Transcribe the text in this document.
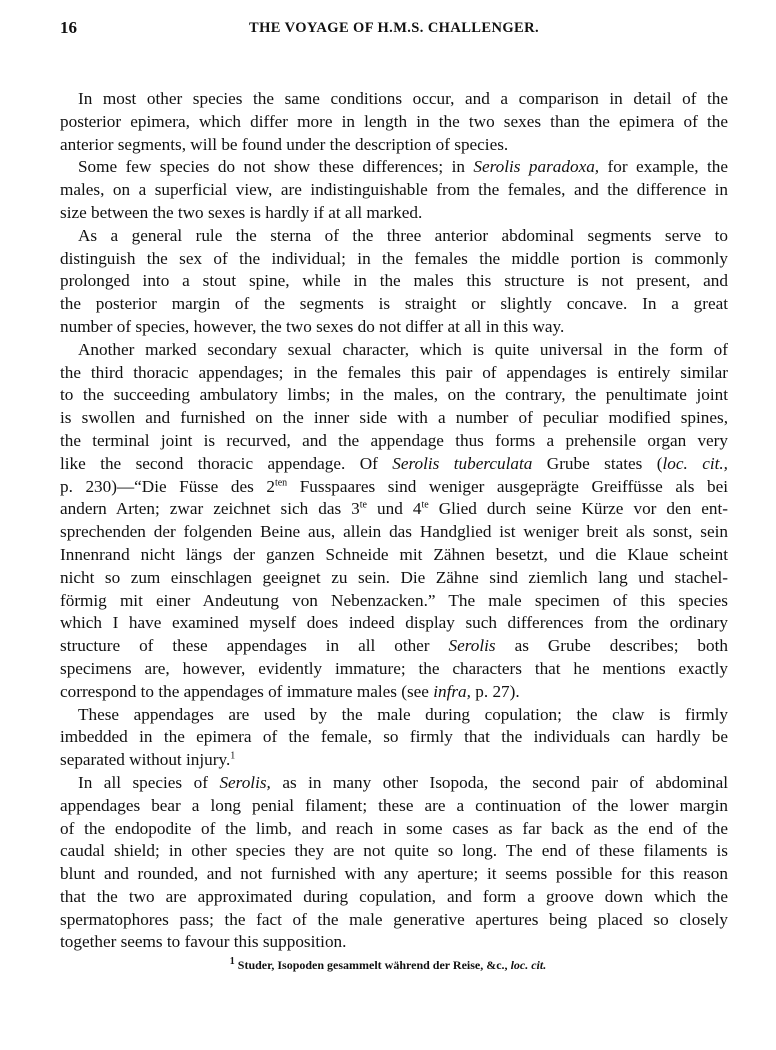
16	THE VOYAGE OF H.M.S. CHALLENGER.
In most other species the same conditions occur, and a comparison in detail of the
posterior epimera, which differ more in length in the two sexes than the epimera of the
anterior segments, will be found under the description of species.
Some few species do not show these differences; in Serolis paradoxa, for example, the
males, on a superficial view, are indistinguishable from the females, and the difference in
size between the two sexes is hardly if at all marked.
As a general rule the sterna of the three anterior abdominal segments serve to
distinguish the sex of the individual; in the females the middle portion is commonly
prolonged into a stout spine, while in the males this structure is not present, and
the posterior margin of the segments is straight or slightly concave. In a great
number of species, however, the two sexes do not differ at all in this way.
Another marked secondary sexual character, which is quite universal in the form of
the third thoracic appendages; in the females this pair of appendages is entirely similar
to the succeeding ambulatory limbs; in the males, on the contrary, the penultimate joint
is swollen and furnished on the inner side with a number of peculiar modified spines,
the terminal joint is recurved, and the appendage thus forms a prehensile organ very
like the second thoracic appendage. Of Serolis tuberculata Grube states (loc. cit.,
p. 230)—“Die Füsse des $2^{ten}$ Fusspaares sind weniger ausgeprägte Greiffüsse als bei
andern Arten; zwar zeichnet sich das $3^{te}$ und $4^{te}$ Glied durch seine Kürze vor den ent-
sprechenden der folgenden Beine aus, allein das Handglied ist weniger breit als sonst, sein
Innenrand nicht längs der ganzen Schneide mit Zähnen besetzt, und die Klaue scheint
nicht so zum einschlagen geeignet zu sein. Die Zähne sind ziemlich lang und stachel-
förmig mit einer Andeutung von Nebenzacken.” The male specimen of this species
which I have examined myself does indeed display such differences from the ordinary
structure of these appendages in all other Serolis as Grube describes; both
specimens are, however, evidently immature; the characters that he mentions exactly
correspond to the appendages of immature males (see infra, p. 27).
These appendages are used by the male during copulation; the claw is firmly
imbedded in the epimera of the female, so firmly that the individuals can hardly be
separated without injury.$^1$
In all species of Serolis, as in many other Isopoda, the second pair of abdominal
appendages bear a long penial filament; these are a continuation of the lower margin
of the endopodite of the limb, and reach in some cases as far back as the end of the
caudal shield; in other species they are not quite so long. The end of these filaments is
blunt and rounded, and not furnished with any aperture; it seems possible for this reason
that the two are approximated during copulation, and form a groove down which the
spermatophores pass; the fact of the male generative apertures being placed so closely
together seems to favour this supposition.
$^1$ Studer, Isopoden gesammelt während der Reise, &c., loc. cit.
